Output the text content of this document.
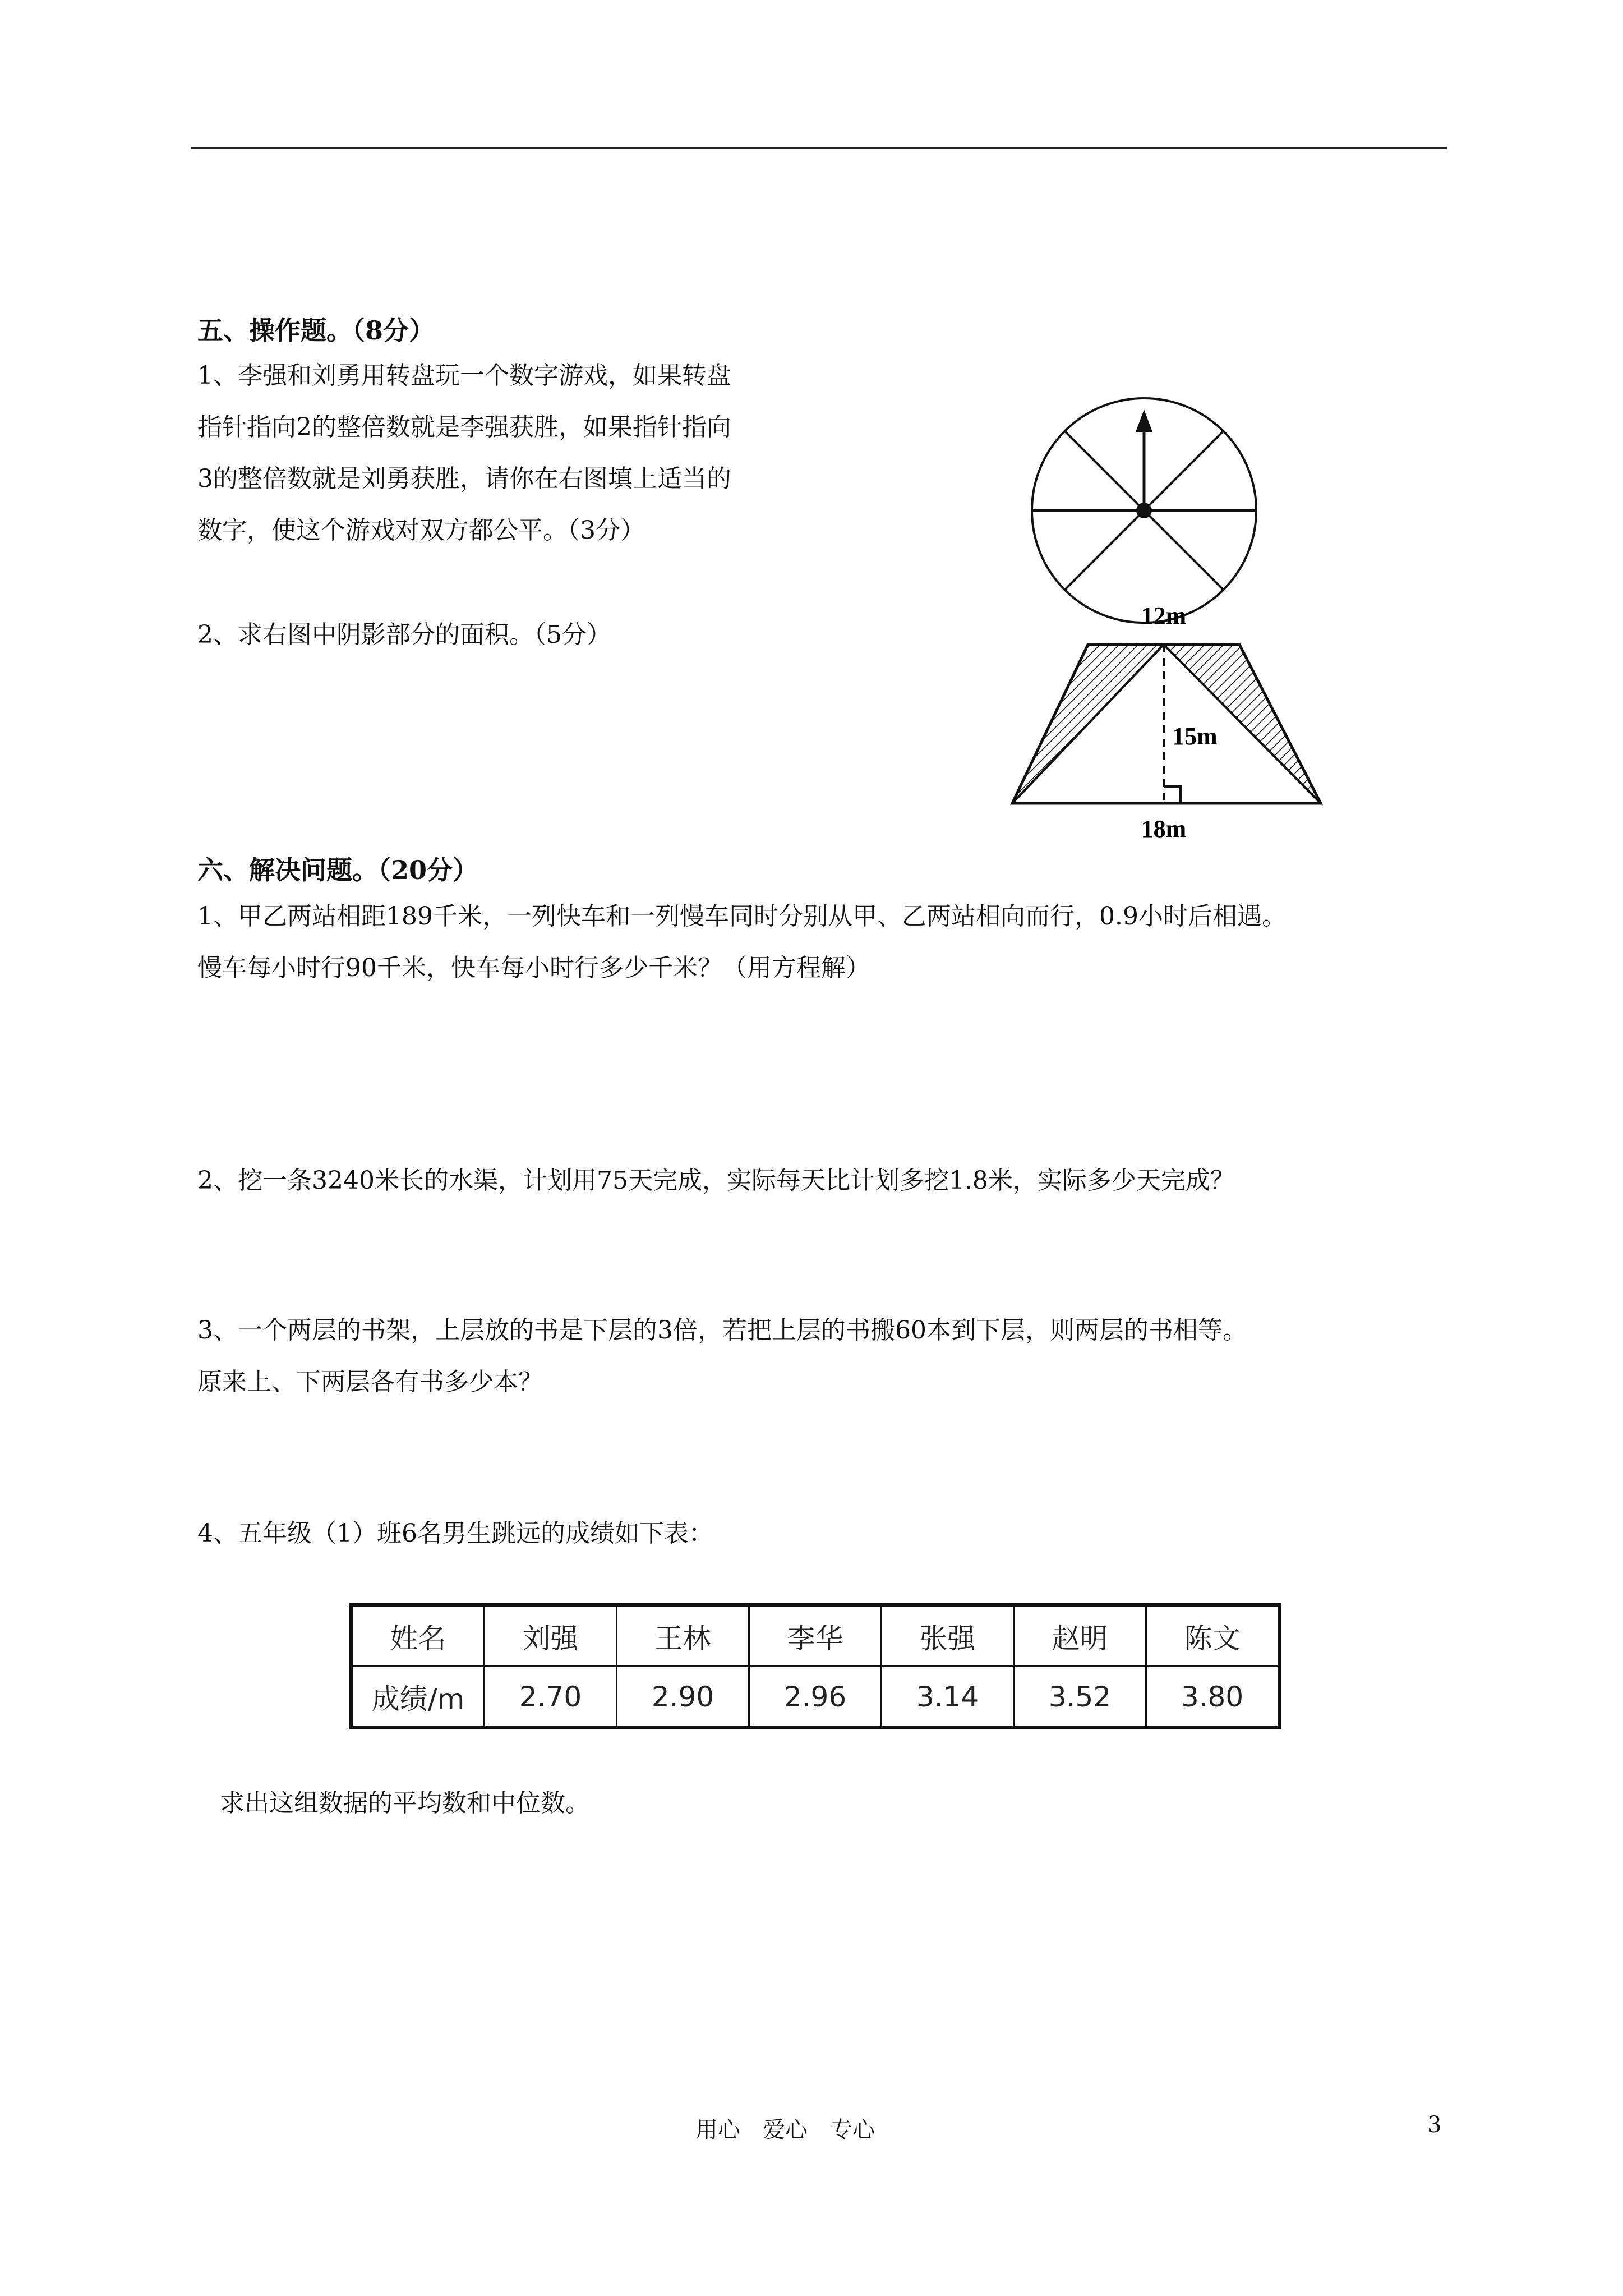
五、操作题。（8分）
1、李强和刘勇用转盘玩一个数字游戏，如果转盘
指针指向2的整倍数就是李强获胜，如果指针指向
3的整倍数就是刘勇获胜，请你在右图填上适当的
数字，使这个游戏对双方都公平。（3分）
2、求右图中阴影部分的面积。（5分）
12m
15m
18m
六、解决问题。（20分）
1、甲乙两站相距189千米，一列快车和一列慢车同时分别从甲、乙两站相向而行，0.9小时后相遇。
慢车每小时行90千米，快车每小时行多少千米？（用方程解）
2、挖一条3240米长的水渠，计划用75天完成，实际每天比计划多挖1.8米，实际多少天完成？
3、一个两层的书架，上层放的书是下层的3倍，若把上层的书搬60本到下层，则两层的书相等。
原来上、下两层各有书多少本？
4、五年级（1）班6名男生跳远的成绩如下表：
姓名	刘强	王林	李华	张强	赵明	陈文
成绩/m	2.70	2.90	2.96	3.14	3.52	3.80
求出这组数据的平均数和中位数。
用心　爱心　专心	3
